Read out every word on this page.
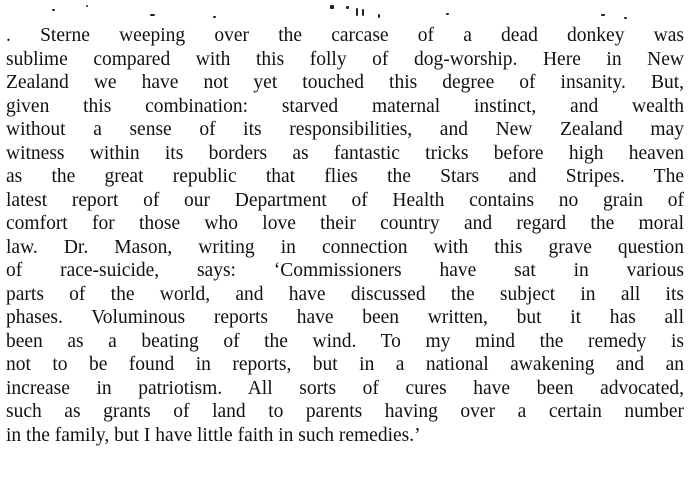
. Sterne weeping over the carcase of a dead donkey was
sublime compared with this folly of dog-worship. Here in New
Zealand we have not yet touched this degree of insanity. But,
given this combination: starved maternal instinct, and wealth
without a sense of its responsibilities, and New Zealand may
witness within its borders as fantastic tricks before high heaven
as the great republic that flies the Stars and Stripes. The
latest report of our Department of Health contains no grain of
comfort for those who love their country and regard the moral
law. Dr. Mason, writing in connection with this grave question
of race-suicide, says: ‘Commissioners have sat in various
parts of the world, and have discussed the subject in all its
phases. Voluminous reports have been written, but it has all
been as a beating of the wind. To my mind the remedy is
not to be found in reports, but in a national awakening and an
increase in patriotism. All sorts of cures have been advocated,
such as grants of land to parents having over a certain number
in the family, but I have little faith in such remedies.’
